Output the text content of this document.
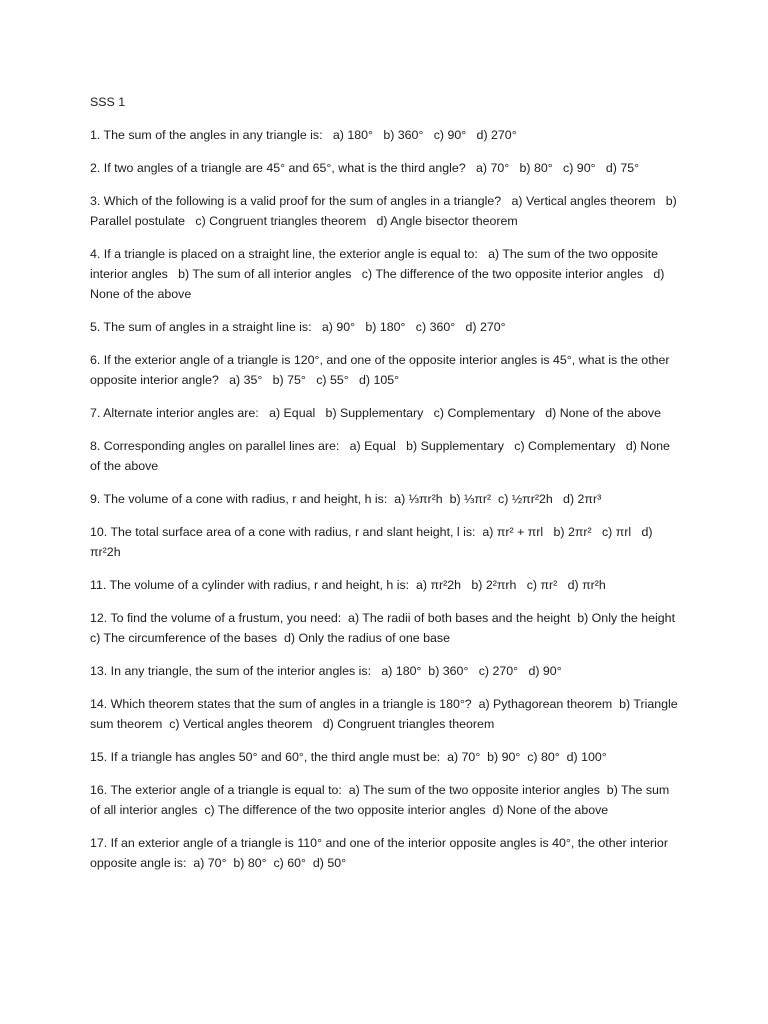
SSS 1
1. The sum of the angles in any triangle is:   a) 180°   b) 360°   c) 90°   d) 270°
2. If two angles of a triangle are 45° and 65°, what is the third angle?   a) 70°   b) 80°   c) 90°   d) 75°
3. Which of the following is a valid proof for the sum of angles in a triangle?   a) Vertical angles theorem   b) Parallel postulate   c) Congruent triangles theorem   d) Angle bisector theorem
4. If a triangle is placed on a straight line, the exterior angle is equal to:   a) The sum of the two opposite interior angles   b) The sum of all interior angles   c) The difference of the two opposite interior angles   d) None of the above
5. The sum of angles in a straight line is:   a) 90°   b) 180°   c) 360°   d) 270°
6. If the exterior angle of a triangle is 120°, and one of the opposite interior angles is 45°, what is the other opposite interior angle?   a) 35°   b) 75°   c) 55°   d) 105°
7. Alternate interior angles are:   a) Equal   b) Supplementary   c) Complementary   d) None of the above
8. Corresponding angles on parallel lines are:   a) Equal   b) Supplementary   c) Complementary   d) None of the above
9. The volume of a cone with radius, r and height, h is:  a) ⅓πr²h  b) ⅓πr²  c) ½πr²2h   d) 2πr³
10. The total surface area of a cone with radius, r and slant height, l is:  a) πr² + πrl   b) 2πr²   c) πrl   d) πr²2h
11. The volume of a cylinder with radius, r and height, h is:  a) πr²2h   b) 2²πrh   c) πr²   d) πr²h
12. To find the volume of a frustum, you need:  a) The radii of both bases and the height  b) Only the height   c) The circumference of the bases  d) Only the radius of one base
13. In any triangle, the sum of the interior angles is:   a) 180°  b) 360°   c) 270°   d) 90°
14. Which theorem states that the sum of angles in a triangle is 180°?  a) Pythagorean theorem  b) Triangle sum theorem  c) Vertical angles theorem   d) Congruent triangles theorem
15. If a triangle has angles 50° and 60°, the third angle must be:  a) 70°  b) 90°  c) 80°  d) 100°
16. The exterior angle of a triangle is equal to:  a) The sum of the two opposite interior angles  b) The sum of all interior angles  c) The difference of the two opposite interior angles  d) None of the above
17. If an exterior angle of a triangle is 110° and one of the interior opposite angles is 40°, the other interior opposite angle is:  a) 70°  b) 80°  c) 60°  d) 50°
